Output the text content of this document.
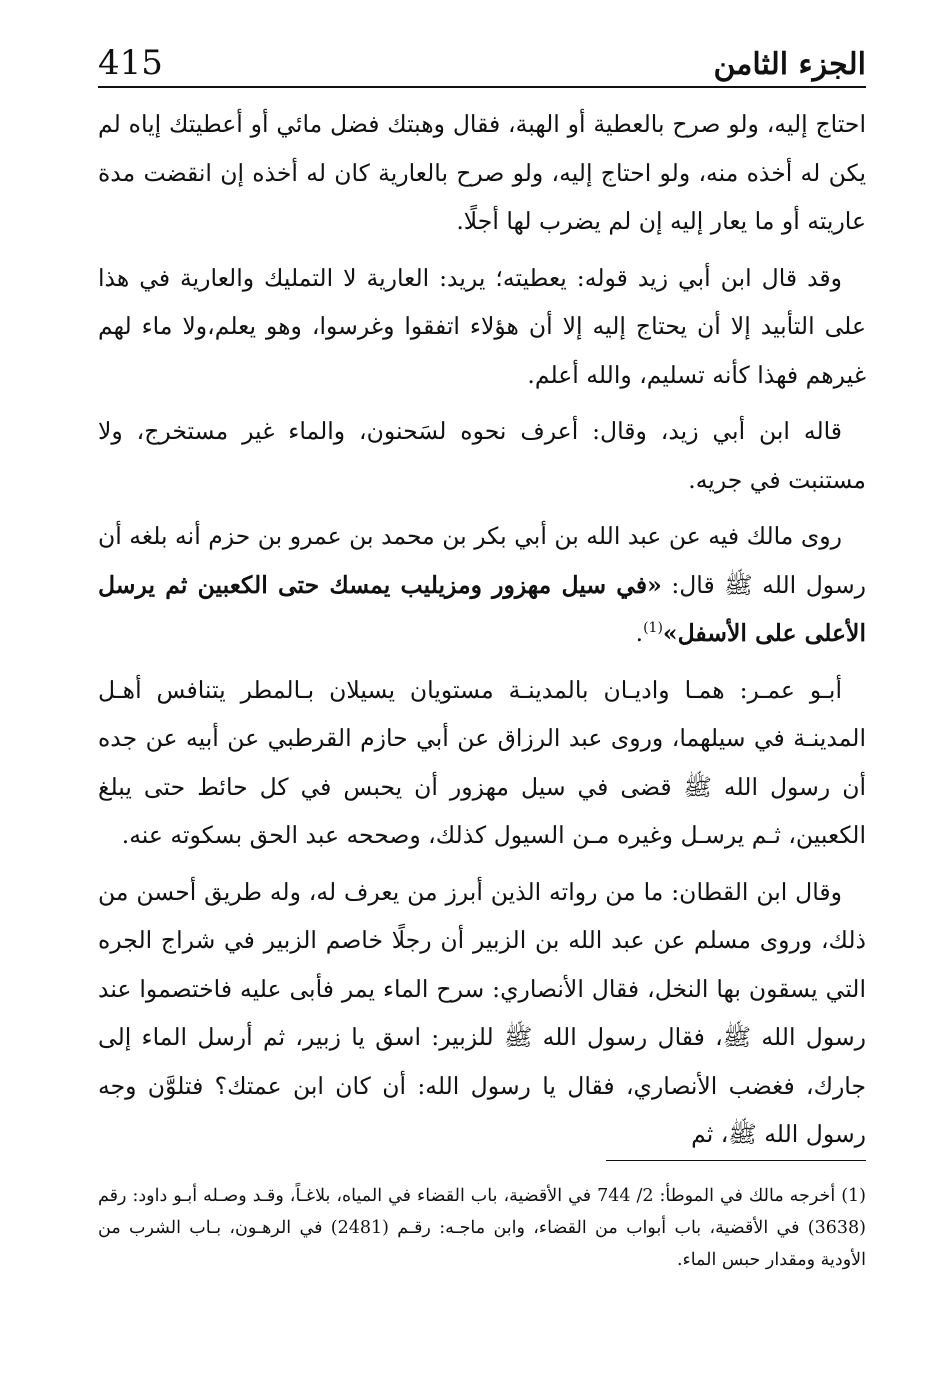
415	الجزء الثامن

احتاج إليه، ولو صرح بالعطية أو الهبة، فقال وهبتك فضل مائي أو أعطيتك إياه لم يكن له أخذه منه، ولو احتاج إليه، ولو صرح بالعارية كان له أخذه إن انقضت مدة عاريته أو ما يعار إليه إن لم يضرب لها أجلًا.

وقد قال ابن أبي زيد قوله: يعطيته؛ يريد: العارية لا التمليك والعارية في هذا على التأبيد إلا أن يحتاج إليه إلا أن هؤلاء اتفقوا وغرسوا، وهو يعلم،ولا ماء لهم غيرهم فهذا كأنه تسليم، والله أعلم.

قاله ابن أبي زيد، وقال: أعرف نحوه لسَحنون، والماء غير مستخرج، ولا مستنبت في جريه.

روى مالك فيه عن عبد الله بن أبي بكر بن محمد بن عمرو بن حزم أنه بلغه أن رسول الله ﷺ قال: «في سيل مهزور ومزيليب يمسك حتى الكعبين ثم يرسل الأعلى على الأسفل»$^{(1)}$.

أبـو عمـر: همـا واديـان بالمدينـة مستويان يسيلان بـالمطر يتنافس أهـل المدينـة في سيلهما، وروى عبد الرزاق عن أبي حازم القرطبي عن أبيه عن جده أن رسول الله ﷺ قضى في سيل مهزور أن يحبس في كل حائط حتى يبلغ الكعبين، ثـم يرسـل وغيره مـن السيول كذلك، وصححه عبد الحق بسكوته عنه.

وقال ابن القطان: ما من رواته الذين أبرز من يعرف له، وله طريق أحسن من ذلك، وروى مسلم عن عبد الله بن الزبير أن رجلًا خاصم الزبير في شراج الجره التي يسقون بها النخل، فقال الأنصاري: سرح الماء يمر فأبى عليه فاختصموا عند رسول الله ﷺ، فقال رسول الله ﷺ للزبير: اسق يا زبير، ثم أرسل الماء إلى جارك، فغضب الأنصاري، فقال يا رسول الله: أن كان ابن عمتك؟ فتلوَّن وجه رسول الله ﷺ، ثم

(1) أخرجه مالك في الموطأ: 2/ 744 في الأقضية، باب القضاء في المياه، بلاغـاً، وقـد وصـله أبـو داود: رقم (3638) في الأقضية، باب أبواب من القضاء، وابن ماجـه: رقـم (2481) في الرهـون، بـاب الشرب من الأودية ومقدار حبس الماء.
